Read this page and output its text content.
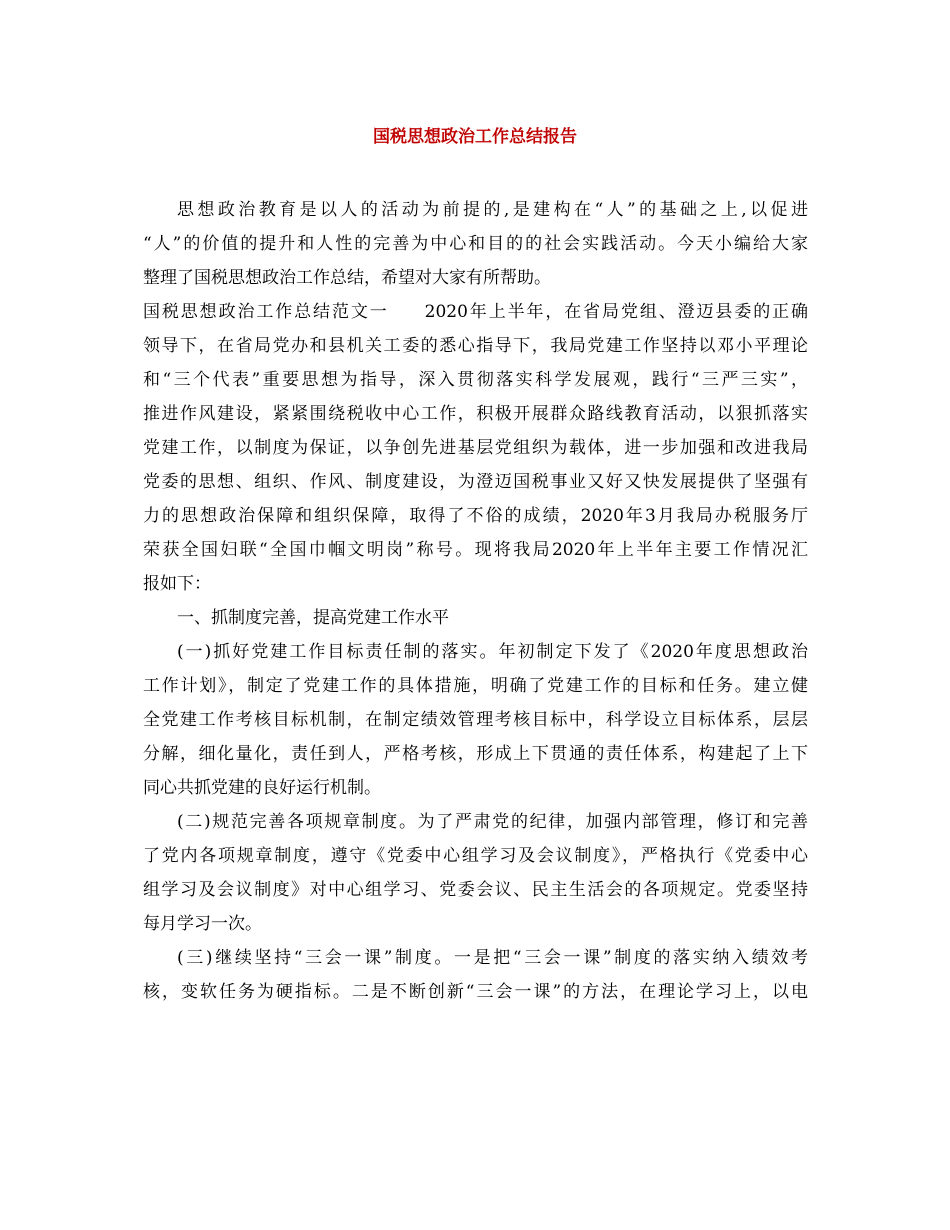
国税思想政治工作总结报告
思想政治教育是以人的活动为前提的,是建构在“人”的基础之上,以促进
“人”的价值的提升和人性的完善为中心和目的的社会实践活动。今天小编给大家
整理了国税思想政治工作总结，希望对大家有所帮助。
国税思想政治工作总结范文一 2020年上半年，在省局党组、澄迈县委的正确
领导下，在省局党办和县机关工委的悉心指导下，我局党建工作坚持以邓小平理论
和“三个代表”重要思想为指导，深入贯彻落实科学发展观，践行“三严三实”，
推进作风建设，紧紧围绕税收中心工作，积极开展群众路线教育活动，以狠抓落实
党建工作，以制度为保证，以争创先进基层党组织为载体，进一步加强和改进我局
党委的思想、组织、作风、制度建设，为澄迈国税事业又好又快发展提供了坚强有
力的思想政治保障和组织保障，取得了不俗的成绩，2020年3月我局办税服务厅
荣获全国妇联“全国巾帼文明岗”称号。现将我局2020年上半年主要工作情况汇
报如下：
一、抓制度完善，提高党建工作水平
(一)抓好党建工作目标责任制的落实。年初制定下发了《2020年度思想政治
工作计划》，制定了党建工作的具体措施，明确了党建工作的目标和任务。建立健
全党建工作考核目标机制，在制定绩效管理考核目标中，科学设立目标体系，层层
分解，细化量化，责任到人，严格考核，形成上下贯通的责任体系，构建起了上下
同心共抓党建的良好运行机制。
(二)规范完善各项规章制度。为了严肃党的纪律，加强内部管理，修订和完善
了党内各项规章制度，遵守《党委中心组学习及会议制度》，严格执行《党委中心
组学习及会议制度》对中心组学习、党委会议、民主生活会的各项规定。党委坚持
每月学习一次。
(三)继续坚持“三会一课”制度。一是把“三会一课”制度的落实纳入绩效考
核，变软任务为硬指标。二是不断创新“三会一课”的方法，在理论学习上，以电
